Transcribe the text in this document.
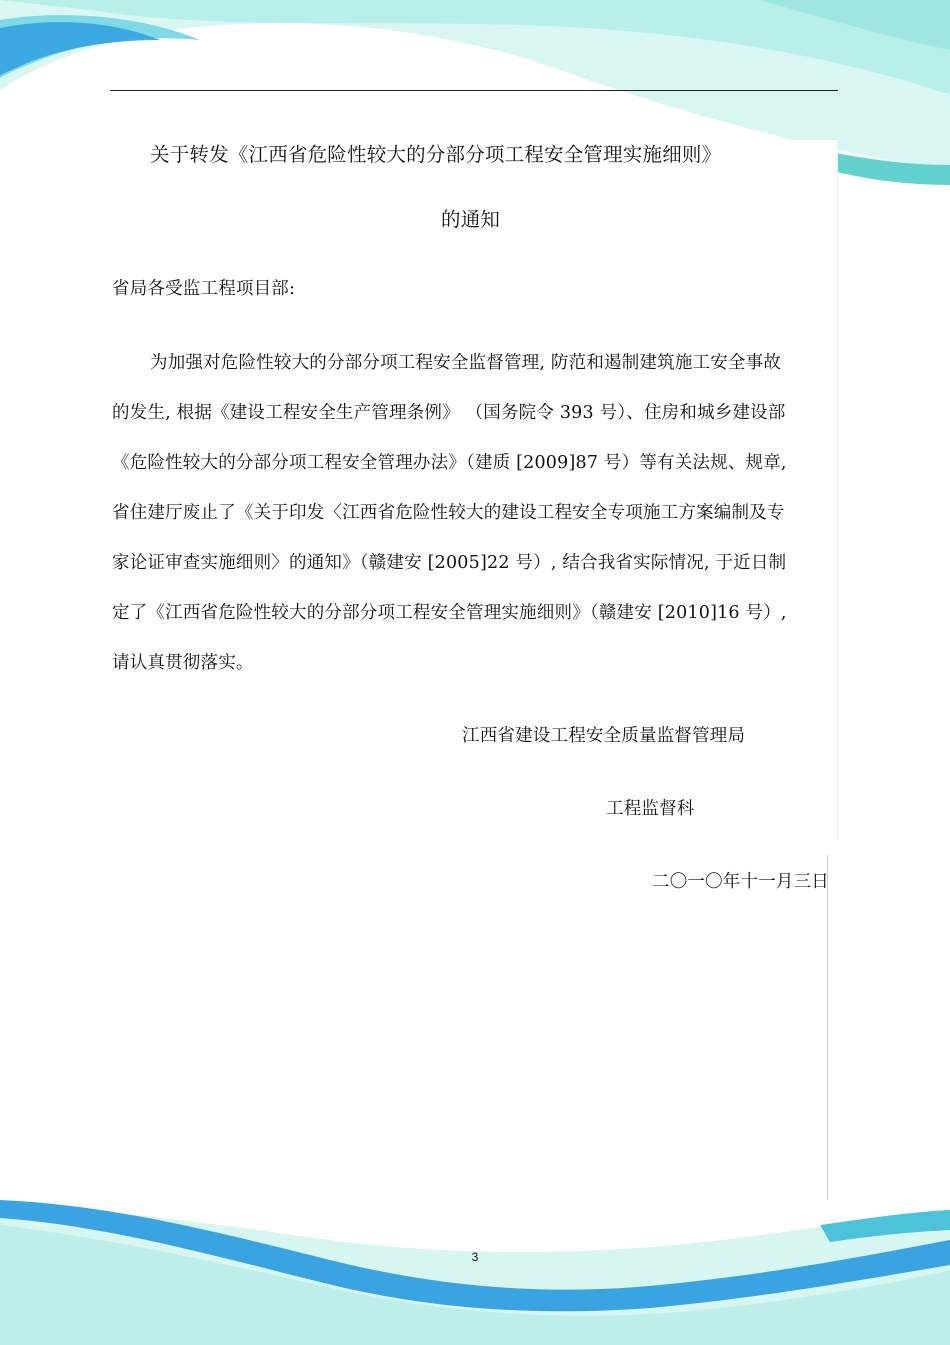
关于转发《江西省危险性较大的分部分项工程安全管理实施细则》
的通知
省局各受监工程项目部:
为加强对危险性较大的分部分项工程安全监督管理, 防范和遏制建筑施工安全事故
的发生, 根据《建设工程安全生产管理条例》 （国务院令 393 号）、住房和城乡建设部
《危险性较大的分部分项工程安全管理办法》（建质 [2009]87 号）等有关法规、规章,
省住建厅废止了《关于印发〈江西省危险性较大的建设工程安全专项施工方案编制及专
家论证审查实施细则〉的通知》（赣建安 [2005]22 号）, 结合我省实际情况, 于近日制
定了《江西省危险性较大的分部分项工程安全管理实施细则》（赣建安 [2010]16 号）,
请认真贯彻落实。
江西省建设工程安全质量监督管理局
工程监督科
二〇一〇年十一月三日
3
